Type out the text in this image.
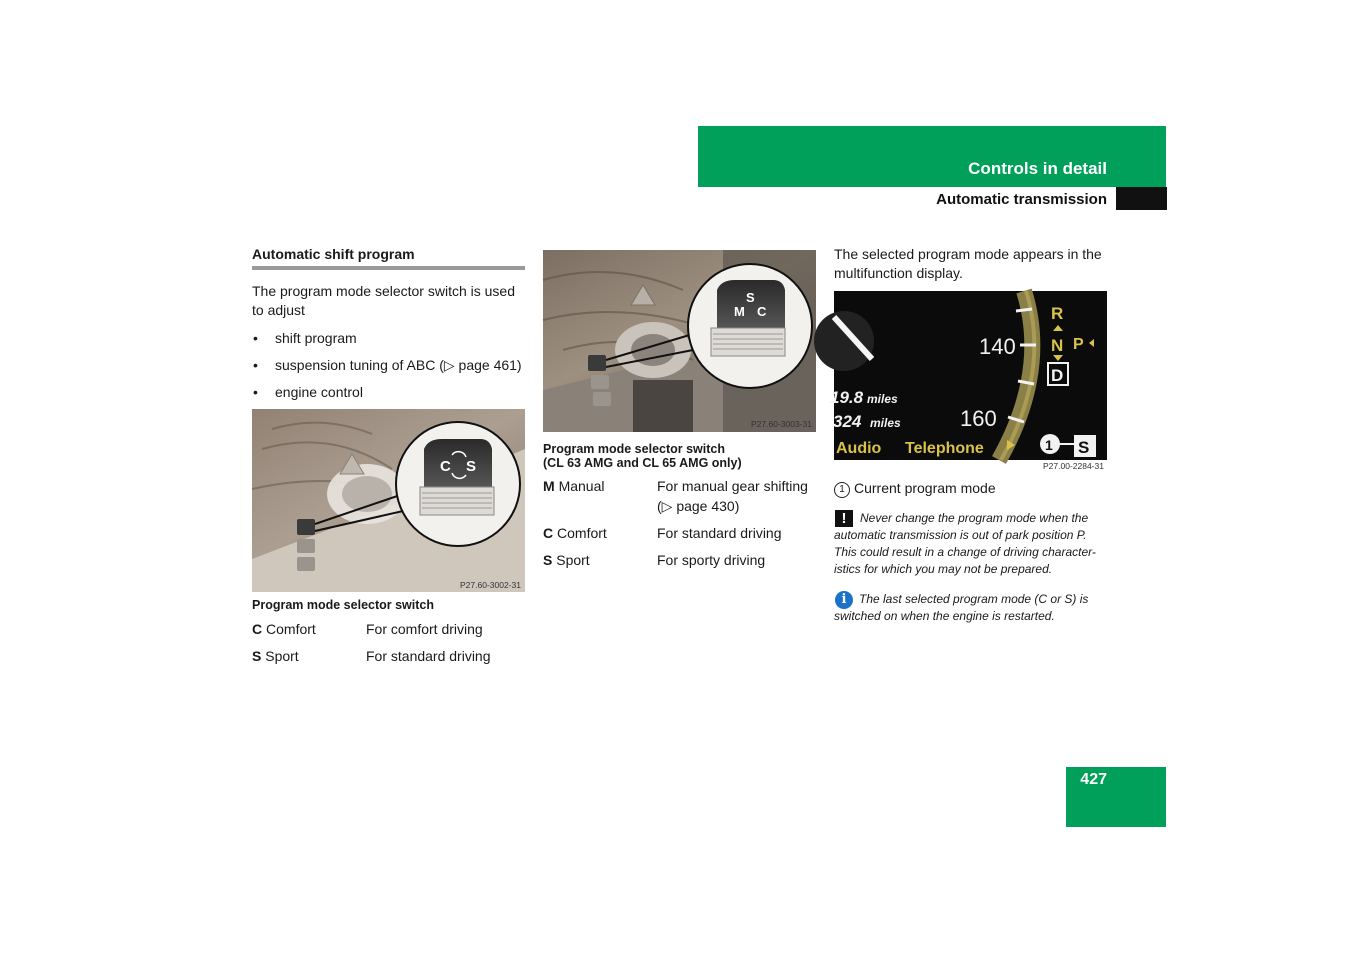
Controls in detail
Automatic transmission
Automatic shift program
The program mode selector switch is used to adjust
• shift program
• suspension tuning of ABC (▷ page 461)
• engine control
C S
P27.60-3002-31
Program mode selector switch
C Comfort	For comfort driving
S Sport	For standard driving
S
M C
P27.60-3003-31
Program mode selector switch
(CL 63 AMG and CL 65 AMG only)
M Manual	For manual gear shifting
(▷ page 430)
C Comfort	For standard driving
S Sport	For sporty driving
The selected program mode appears in the
multifunction display.
140
160
19.8 miles
324 miles
Audio Telephone
R
N P
D
1 S
P27.00-2284-31
1 Current program mode
!	Never change the program mode when the
automatic transmission is out of park position P.
This could result in a change of driving character-
istics for which you may not be prepared.
i	The last selected program mode (C or S) is
switched on when the engine is restarted.
427
